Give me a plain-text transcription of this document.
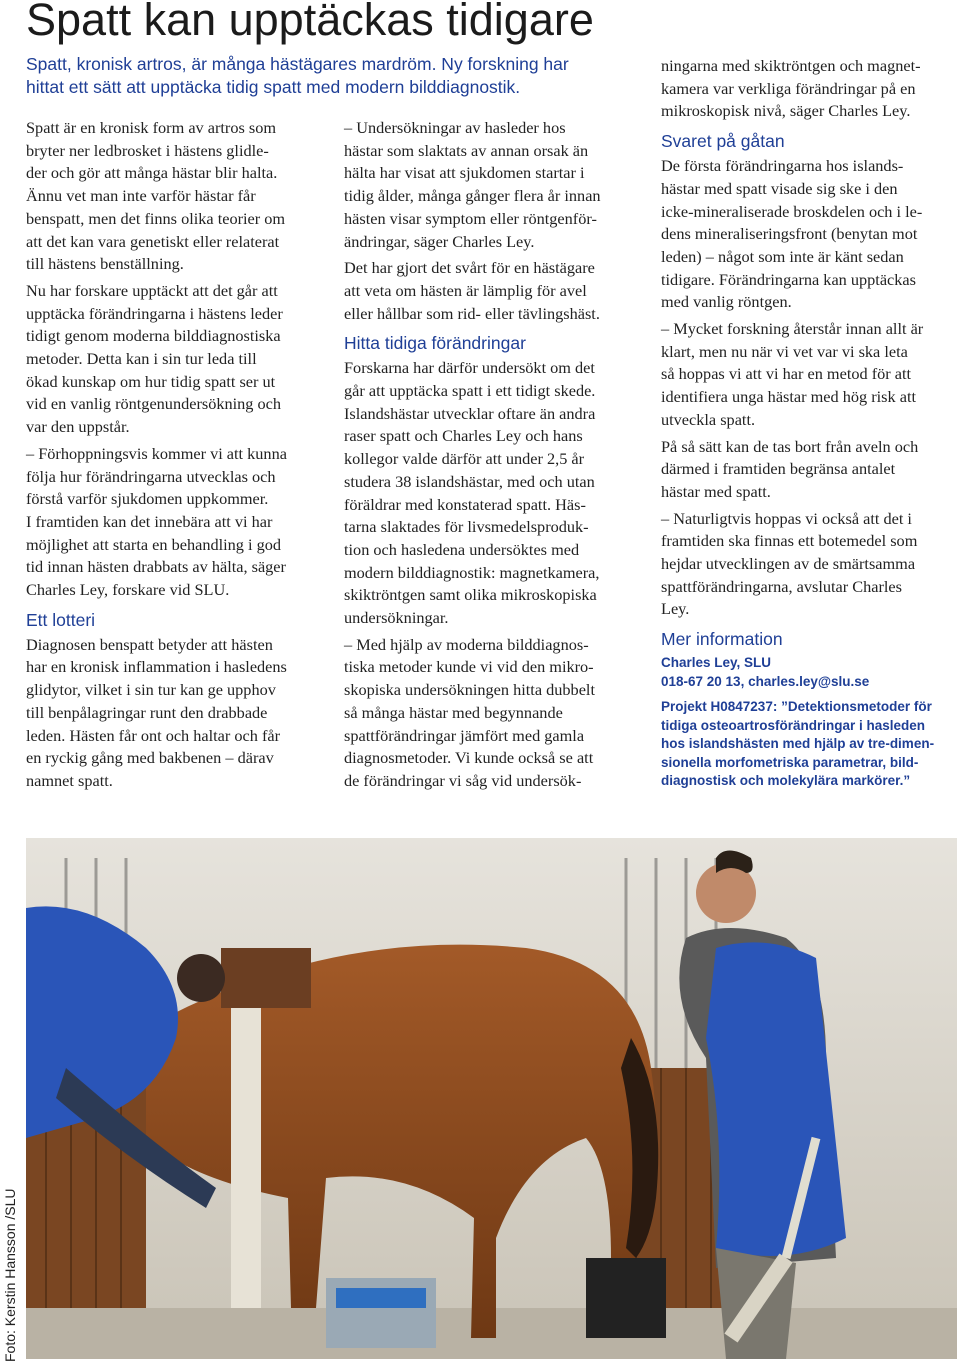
Spatt kan upptäckas tidigare

Spatt, kronisk artros, är många hästägares mardröm. Ny forskning har
hittat ett sätt att upptäcka tidig spatt med modern bilddiagnostik.

Spatt är en kronisk form av artros som
bryter ner ledbrosket i hästens glidle-
der och gör att många hästar blir halta.

Ännu vet man inte varför hästar får
benspatt, men det finns olika teorier om
att det kan vara genetiskt eller relaterat
till hästens benställning.

Nu har forskare upptäckt att det går att
upptäcka förändringarna i hästens leder
tidigt genom moderna bilddiagnostiska
metoder. Detta kan i sin tur leda till
ökad kunskap om hur tidig spatt ser ut
vid en vanlig röntgenundersökning och
var den uppstår.

– Förhoppningsvis kommer vi att kunna
följa hur förändringarna utvecklas och
förstå varför sjukdomen uppkommer.
I framtiden kan det innebära att vi har
möjlighet att starta en behandling i god
tid innan hästen drabbats av hälta, säger
Charles Ley, forskare vid SLU.

Ett lotteri

Diagnosen benspatt betyder att hästen
har en kronisk inflammation i hasledens
glidytor, vilket i sin tur kan ge upphov
till benpålagringar runt den drabbade
leden. Hästen får ont och haltar och får
en ryckig gång med bakbenen – därav
namnet spatt.

– Undersökningar av hasleder hos
hästar som slaktats av annan orsak än
hälta har visat att sjukdomen startar i
tidig ålder, många gånger flera år innan
hästen visar symptom eller röntgenför-
ändringar, säger Charles Ley.

Det har gjort det svårt för en hästägare
att veta om hästen är lämplig för avel
eller hållbar som rid- eller tävlingshäst.

Hitta tidiga förändringar

Forskarna har därför undersökt om det
går att upptäcka spatt i ett tidigt skede.
Islandshästar utvecklar oftare än andra
raser spatt och Charles Ley och hans
kollegor valde därför att under 2,5 år
studera 38 islandshästar, med och utan
föräldrar med konstaterad spatt. Häs-
tarna slaktades för livsmedelsproduk-
tion och hasledena undersöktes med
modern bilddiagnostik: magnetkamera,
skiktröntgen samt olika mikroskopiska
undersökningar.

– Med hjälp av moderna bilddiagnos-
tiska metoder kunde vi vid den mikro-
skopiska undersökningen hitta dubbelt
så många hästar med begynnande
spattförändringar jämfört med gamla
diagnosmetoder. Vi kunde också se att
de förändringar vi såg vid undersök-

ningarna med skiktröntgen och magnet-
kamera var verkliga förändringar på en
mikroskopisk nivå, säger Charles Ley.

Svaret på gåtan

De första förändringarna hos islands-
hästar med spatt visade sig ske i den
icke-mineraliserade broskdelen och i le-
dens mineraliseringsfront (benytan mot
leden) – något som inte är känt sedan
tidigare. Förändringarna kan upptäckas
med vanlig röntgen.

– Mycket forskning återstår innan allt är
klart, men nu när vi vet var vi ska leta
så hoppas vi att vi har en metod för att
identifiera unga hästar med hög risk att
utveckla spatt.

På så sätt kan de tas bort från aveln och
därmed i framtiden begränsa antalet
hästar med spatt.

– Naturligtvis hoppas vi också att det i
framtiden ska finnas ett botemedel som
hejdar utvecklingen av de smärtsamma
spattförändringarna, avslutar Charles
Ley.

Mer information

Charles Ley, SLU

018-67 20 13, charles.ley@slu.se

Projekt H0847237: ”Detektionsmetoder för
tidiga osteoartrosförändringar i hasleden
hos islandshästen med hjälp av tre-dimen-
sionella morfometriska parametrar, bild-
diagnostisk och molekylära markörer.”

Foto: Kerstin Hansson /SLU
